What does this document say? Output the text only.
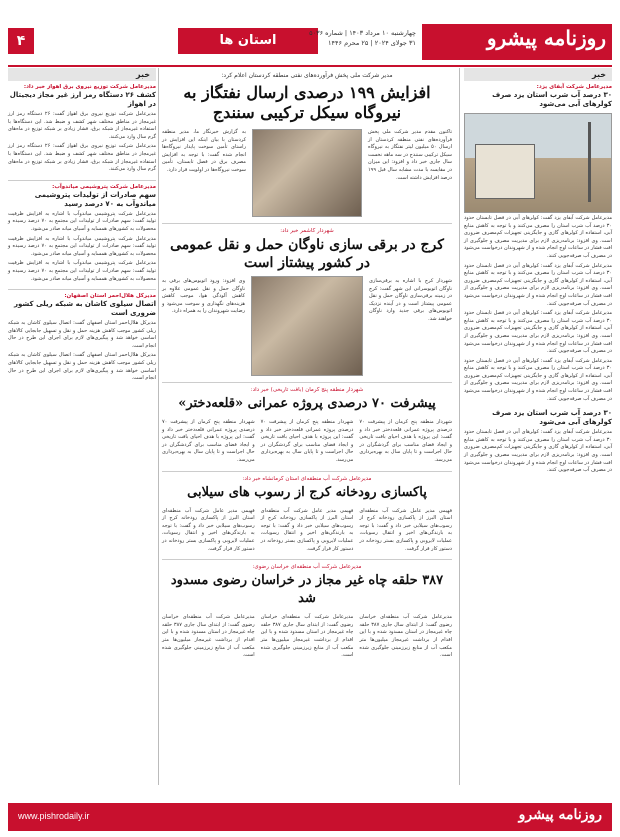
۴	استان ها	چهارشنبه ۱۰ مرداد ۱۴۰۳ | شماره ۵۰۳۶
۳۱ جولای ۲۰۲۴ | ۲۵ محرم ۱۴۴۶	روزنامه پیشرو
خبر
مدیرعامل شرکت آبفای یزد:
۳۰ درصد آب شرب استان یزد صرف کولرهای آبی می‌شود
مدیرعامل شرکت آبفای یزد گفت: کولرهای آبی در فصل تابستان حدود ۳۰ درصد آب شرب استان را مصرف می‌کنند و با توجه به کاهش منابع آبی، استفاده از کولرهای گازی و جایگزینی تجهیزات کم‌مصرف ضروری است. وی افزود: برنامه‌ریزی لازم برای مدیریت مصرف و جلوگیری از افت فشار در ساعات اوج انجام شده و از شهروندان درخواست می‌شود در مصرف آب صرفه‌جویی کنند.
مدیرعامل شرکت آبفای یزد گفت: کولرهای آبی در فصل تابستان حدود ۳۰ درصد آب شرب استان را مصرف می‌کنند و با توجه به کاهش منابع آبی، استفاده از کولرهای گازی و جایگزینی تجهیزات کم‌مصرف ضروری است. وی افزود: برنامه‌ریزی لازم برای مدیریت مصرف و جلوگیری از افت فشار در ساعات اوج انجام شده و از شهروندان درخواست می‌شود در مصرف آب صرفه‌جویی کنند.
مدیرعامل شرکت آبفای یزد گفت: کولرهای آبی در فصل تابستان حدود ۳۰ درصد آب شرب استان را مصرف می‌کنند و با توجه به کاهش منابع آبی، استفاده از کولرهای گازی و جایگزینی تجهیزات کم‌مصرف ضروری است. وی افزود: برنامه‌ریزی لازم برای مدیریت مصرف و جلوگیری از افت فشار در ساعات اوج انجام شده و از شهروندان درخواست می‌شود در مصرف آب صرفه‌جویی کنند.
مدیرعامل شرکت آبفای یزد گفت: کولرهای آبی در فصل تابستان حدود ۳۰ درصد آب شرب استان را مصرف می‌کنند و با توجه به کاهش منابع آبی، استفاده از کولرهای گازی و جایگزینی تجهیزات کم‌مصرف ضروری است. وی افزود: برنامه‌ریزی لازم برای مدیریت مصرف و جلوگیری از افت فشار در ساعات اوج انجام شده و از شهروندان درخواست می‌شود در مصرف آب صرفه‌جویی کنند.
۳۰ درصد آب شرب استان یزد صرف کولرهای آبی می‌شود
مدیرعامل شرکت آبفای یزد گفت: کولرهای آبی در فصل تابستان حدود ۳۰ درصد آب شرب استان را مصرف می‌کنند و با توجه به کاهش منابع آبی، استفاده از کولرهای گازی و جایگزینی تجهیزات کم‌مصرف ضروری است. وی افزود: برنامه‌ریزی لازم برای مدیریت مصرف و جلوگیری از افت فشار در ساعات اوج انجام شده و از شهروندان درخواست می‌شود در مصرف آب صرفه‌جویی کنند.
خبر
مدیرعامل شرکت توزیع نیروی برق اهواز خبر داد:
کشف ۲۶ دستگاه رمز ارز غیر مجاز دیجیتال در اهواز
مدیرعامل شرکت توزیع نیروی برق اهواز گفت: ۲۶ دستگاه رمز ارز غیرمجاز در مناطق مختلف شهر کشف و ضبط شد. این دستگاه‌ها با استفاده غیرمجاز از شبکه برق، فشار زیادی بر شبکه توزیع در ماه‌های گرم سال وارد می‌کنند.
مدیرعامل شرکت توزیع نیروی برق اهواز گفت: ۲۶ دستگاه رمز ارز غیرمجاز در مناطق مختلف شهر کشف و ضبط شد. این دستگاه‌ها با استفاده غیرمجاز از شبکه برق، فشار زیادی بر شبکه توزیع در ماه‌های گرم سال وارد می‌کنند.
مدیرعامل شرکت پتروشیمی میاندوآب:
سهم صادرات از تولیدات پتروشیمی میاندوآب به ۷۰ درصد رسید
مدیرعامل شرکت پتروشیمی میاندوآب با اشاره به افزایش ظرفیت تولید گفت: سهم صادرات از تولیدات این مجتمع به ۷۰ درصد رسیده و محصولات به کشورهای همسایه و آسیای میانه صادر می‌شود.
مدیرعامل شرکت پتروشیمی میاندوآب با اشاره به افزایش ظرفیت تولید گفت: سهم صادرات از تولیدات این مجتمع به ۷۰ درصد رسیده و محصولات به کشورهای همسایه و آسیای میانه صادر می‌شود.
مدیرعامل شرکت پتروشیمی میاندوآب با اشاره به افزایش ظرفیت تولید گفت: سهم صادرات از تولیدات این مجتمع به ۷۰ درصد رسیده و محصولات به کشورهای همسایه و آسیای میانه صادر می‌شود.
مدیرکل هلال‌احمر استان اصفهان:
اتصال سیلوی کاشان به شبکه ریلی کشور ضروری است
مدیرکل هلال‌احمر استان اصفهان گفت: اتصال سیلوی کاشان به شبکه ریلی کشور موجب کاهش هزینه حمل و نقل و تسهیل جابجایی کالاهای اساسی خواهد شد و پیگیری‌های لازم برای اجرای این طرح در حال انجام است.
مدیرکل هلال‌احمر استان اصفهان گفت: اتصال سیلوی کاشان به شبکه ریلی کشور موجب کاهش هزینه حمل و نقل و تسهیل جابجایی کالاهای اساسی خواهد شد و پیگیری‌های لازم برای اجرای این طرح در حال انجام است.
مدیر شرکت ملی پخش فرآورده‌های نفتی منطقه کردستان اعلام کرد:
افزایش ۱۹۹ درصدی ارسال نفتگاز به نیروگاه سیکل ترکیبی سنندج
تاکنون مقدم مدیر شرکت ملی پخش فرآورده‌های نفتی منطقه کردستان از ارسال ۵۰ میلیون لیتر نفتگاز به نیروگاه سیکل ترکیبی سنندج در سه ماهه نخست سال جاری خبر داد و افزود: این میزان در مقایسه با مدت مشابه سال قبل ۱۹۹ درصد افزایش داشته است.
به گزارش خبرنگار ما، مدیر منطقه کردستان با بیان اینکه این افزایش در راستای تأمین سوخت پایدار نیروگاه‌ها انجام شده گفت: با توجه به افزایش مصرف برق در فصل تابستان، تأمین سوخت نیروگاه‌ها در اولویت قرار دارد.
شهردار کاشمر خبر داد:
کرج در برقی سازی ناوگان حمل و نقل عمومی در کشور پیشتاز است
شهردار کرج با اشاره به برقی‌سازی ناوگان اتوبوسرانی این شهر گفت: کرج در زمینه برقی‌سازی ناوگان حمل و نقل عمومی پیشتاز است و در آینده نزدیک اتوبوس‌های برقی جدید وارد ناوگان خواهند شد.
وی افزود: ورود اتوبوس‌های برقی به ناوگان حمل و نقل عمومی علاوه بر کاهش آلودگی هوا، موجب کاهش هزینه‌های نگهداری و سوخت می‌شود و رضایت شهروندان را به همراه دارد.
شهردار منطقه پنج کرمان (بافت تاریخی) خبر داد:
پیشرفت ۷۰ درصدی پروژه عمرانی «قلعه‌دختر»
شهردار منطقه پنج کرمان از پیشرفت ۷۰ درصدی پروژه عمرانی قلعه‌دختر خبر داد و گفت: این پروژه با هدف احیای بافت تاریخی و ایجاد فضای مناسب برای گردشگران در حال اجراست و تا پایان سال به بهره‌برداری می‌رسد.
شهردار منطقه پنج کرمان از پیشرفت ۷۰ درصدی پروژه عمرانی قلعه‌دختر خبر داد و گفت: این پروژه با هدف احیای بافت تاریخی و ایجاد فضای مناسب برای گردشگران در حال اجراست و تا پایان سال به بهره‌برداری می‌رسد.
شهردار منطقه پنج کرمان از پیشرفت ۷۰ درصدی پروژه عمرانی قلعه‌دختر خبر داد و گفت: این پروژه با هدف احیای بافت تاریخی و ایجاد فضای مناسب برای گردشگران در حال اجراست و تا پایان سال به بهره‌برداری می‌رسد.
مدیرعامل شرکت آب منطقه‌ای استان کرمانشاه خبر داد:
پاکسازی رودخانه کرج از رسوب های سیلابی
فهیمی مدیر عامل شرکت آب منطقه‌ای استان البرز از پاکسازی رودخانه کرج از رسوب‌های سیلابی خبر داد و گفت: با توجه به بارندگی‌های اخیر و انتقال رسوبات، عملیات لایروبی و پاکسازی بستر رودخانه در دستور کار قرار گرفت.
فهیمی مدیر عامل شرکت آب منطقه‌ای استان البرز از پاکسازی رودخانه کرج از رسوب‌های سیلابی خبر داد و گفت: با توجه به بارندگی‌های اخیر و انتقال رسوبات، عملیات لایروبی و پاکسازی بستر رودخانه در دستور کار قرار گرفت.
فهیمی مدیر عامل شرکت آب منطقه‌ای استان البرز از پاکسازی رودخانه کرج از رسوب‌های سیلابی خبر داد و گفت: با توجه به بارندگی‌های اخیر و انتقال رسوبات، عملیات لایروبی و پاکسازی بستر رودخانه در دستور کار قرار گرفت.
مدیرعامل شرکت آب منطقه‌ای خراسان رضوی:
۳۸۷ حلقه چاه غیر مجاز در خراسان رضوی مسدود شد
مدیرعامل شرکت آب منطقه‌ای خراسان رضوی گفت: از ابتدای سال جاری ۳۸۷ حلقه چاه غیرمجاز در استان مسدود شده و با این اقدام از برداشت غیرمجاز میلیون‌ها متر مکعب آب از منابع زیرزمینی جلوگیری شده است.
مدیرعامل شرکت آب منطقه‌ای خراسان رضوی گفت: از ابتدای سال جاری ۳۸۷ حلقه چاه غیرمجاز در استان مسدود شده و با این اقدام از برداشت غیرمجاز میلیون‌ها متر مکعب آب از منابع زیرزمینی جلوگیری شده است.
مدیرعامل شرکت آب منطقه‌ای خراسان رضوی گفت: از ابتدای سال جاری ۳۸۷ حلقه چاه غیرمجاز در استان مسدود شده و با این اقدام از برداشت غیرمجاز میلیون‌ها متر مکعب آب از منابع زیرزمینی جلوگیری شده است.
روزنامه پیشرو
www.pishrodaily.ir
